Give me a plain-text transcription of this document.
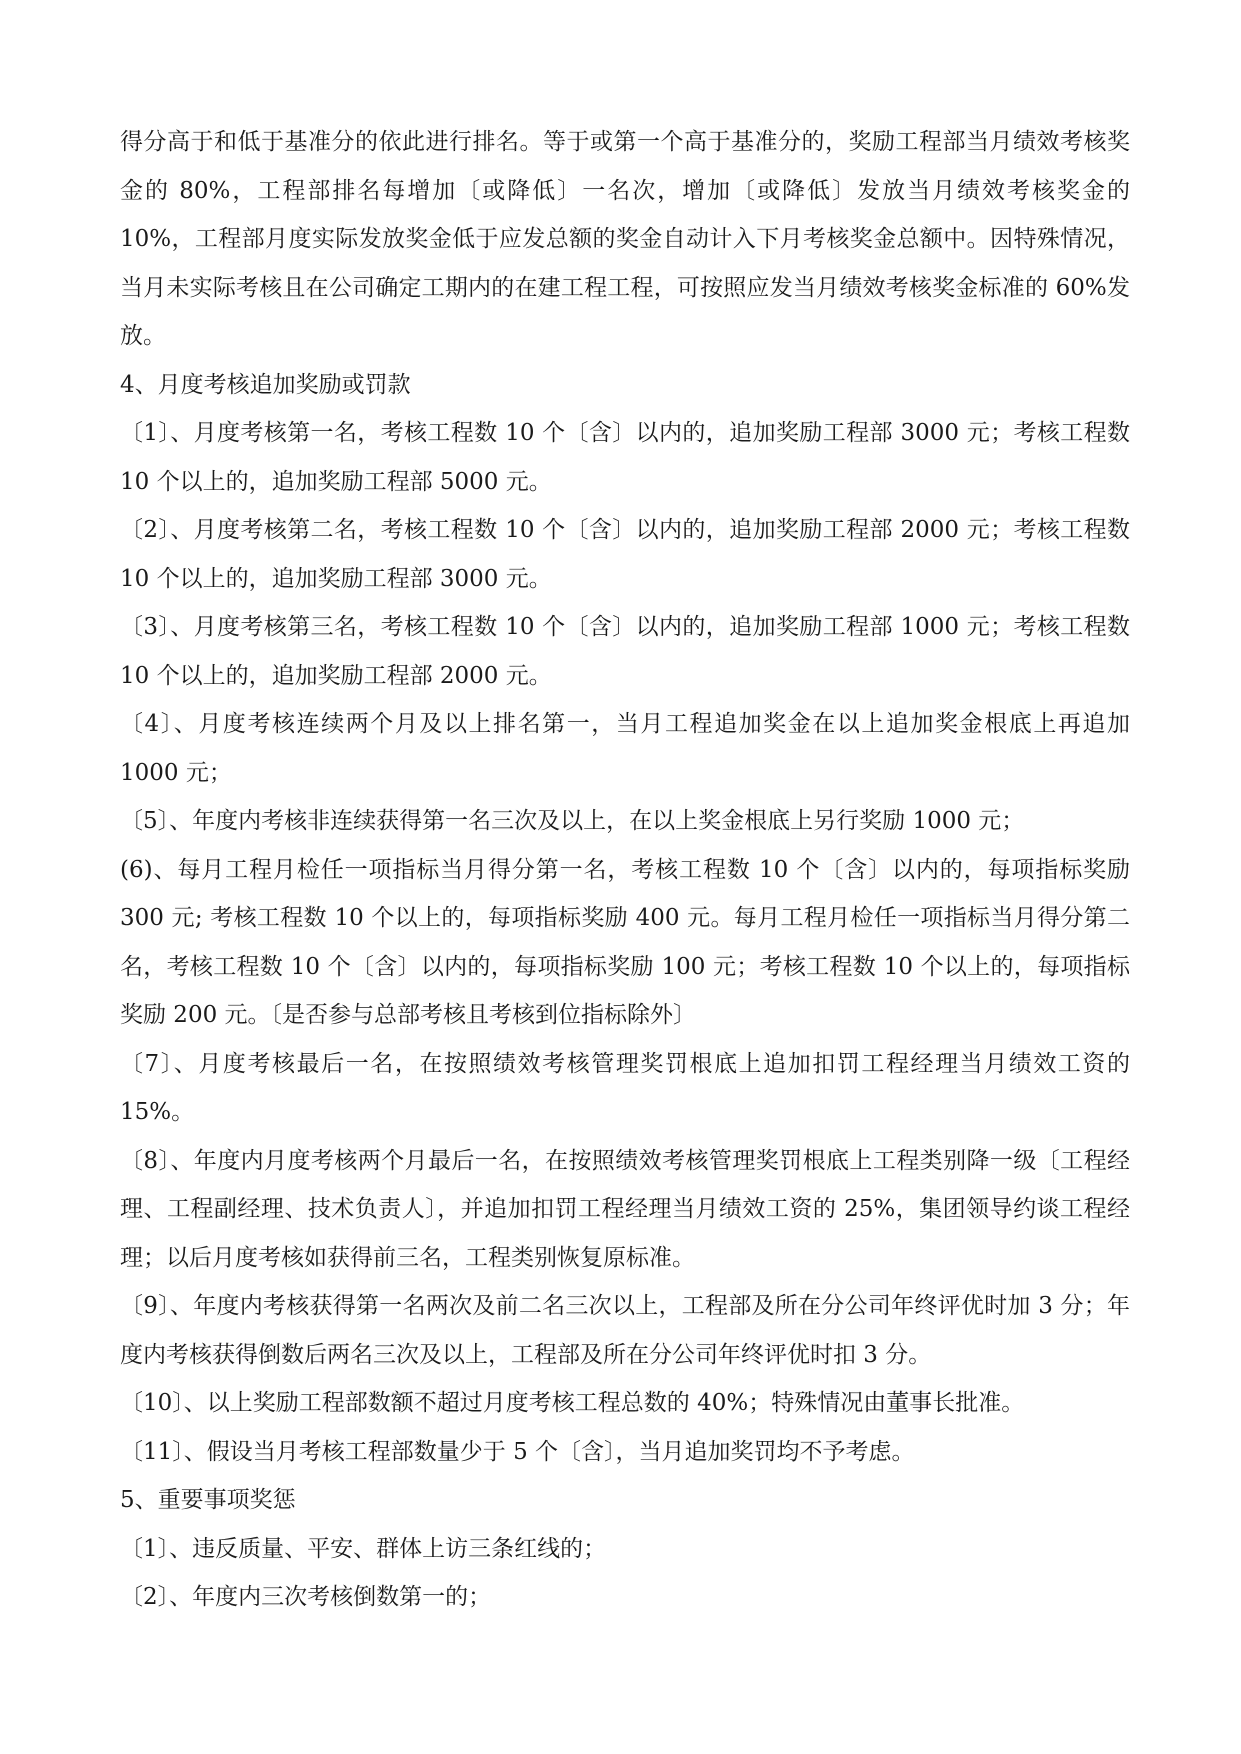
得分高于和低于基准分的依此进行排名。等于或第一个高于基准分的，奖励工程部当月绩效考核奖金的 80%，工程部排名每增加〔或降低〕一名次，增加〔或降低〕发放当月绩效考核奖金的 10%，工程部月度实际发放奖金低于应发总额的奖金自动计入下月考核奖金总额中。因特殊情况，当月未实际考核且在公司确定工期内的在建工程工程，可按照应发当月绩效考核奖金标准的 60%发放。

4、月度考核追加奖励或罚款

〔1〕、月度考核第一名，考核工程数 10 个〔含〕以内的，追加奖励工程部 3000 元；考核工程数 10 个以上的，追加奖励工程部 5000 元。

〔2〕、月度考核第二名，考核工程数 10 个〔含〕以内的，追加奖励工程部 2000 元；考核工程数 10 个以上的，追加奖励工程部 3000 元。

〔3〕、月度考核第三名，考核工程数 10 个〔含〕以内的，追加奖励工程部 1000 元；考核工程数 10 个以上的，追加奖励工程部 2000 元。

〔4〕、月度考核连续两个月及以上排名第一，当月工程追加奖金在以上追加奖金根底上再追加 1000 元；

〔5〕、年度内考核非连续获得第一名三次及以上，在以上奖金根底上另行奖励 1000 元；

(6)、每月工程月检任一项指标当月得分第一名，考核工程数 10 个〔含〕以内的，每项指标奖励 300 元; 考核工程数 10 个以上的，每项指标奖励 400 元。每月工程月检任一项指标当月得分第二名，考核工程数 10 个〔含〕以内的，每项指标奖励 100 元；考核工程数 10 个以上的，每项指标奖励 200 元。〔是否参与总部考核且考核到位指标除外〕

〔7〕、月度考核最后一名，在按照绩效考核管理奖罚根底上追加扣罚工程经理当月绩效工资的 15%。

〔8〕、年度内月度考核两个月最后一名，在按照绩效考核管理奖罚根底上工程类别降一级〔工程经理、工程副经理、技术负责人〕，并追加扣罚工程经理当月绩效工资的 25%，集团领导约谈工程经理；以后月度考核如获得前三名，工程类别恢复原标准。

〔9〕、年度内考核获得第一名两次及前二名三次以上，工程部及所在分公司年终评优时加 3 分；年度内考核获得倒数后两名三次及以上，工程部及所在分公司年终评优时扣 3 分。

〔10〕、以上奖励工程部数额不超过月度考核工程总数的 40%；特殊情况由董事长批准。

〔11〕、假设当月考核工程部数量少于 5 个〔含〕，当月追加奖罚均不予考虑。

5、重要事项奖惩

〔1〕、违反质量、平安、群体上访三条红线的；

〔2〕、年度内三次考核倒数第一的；
